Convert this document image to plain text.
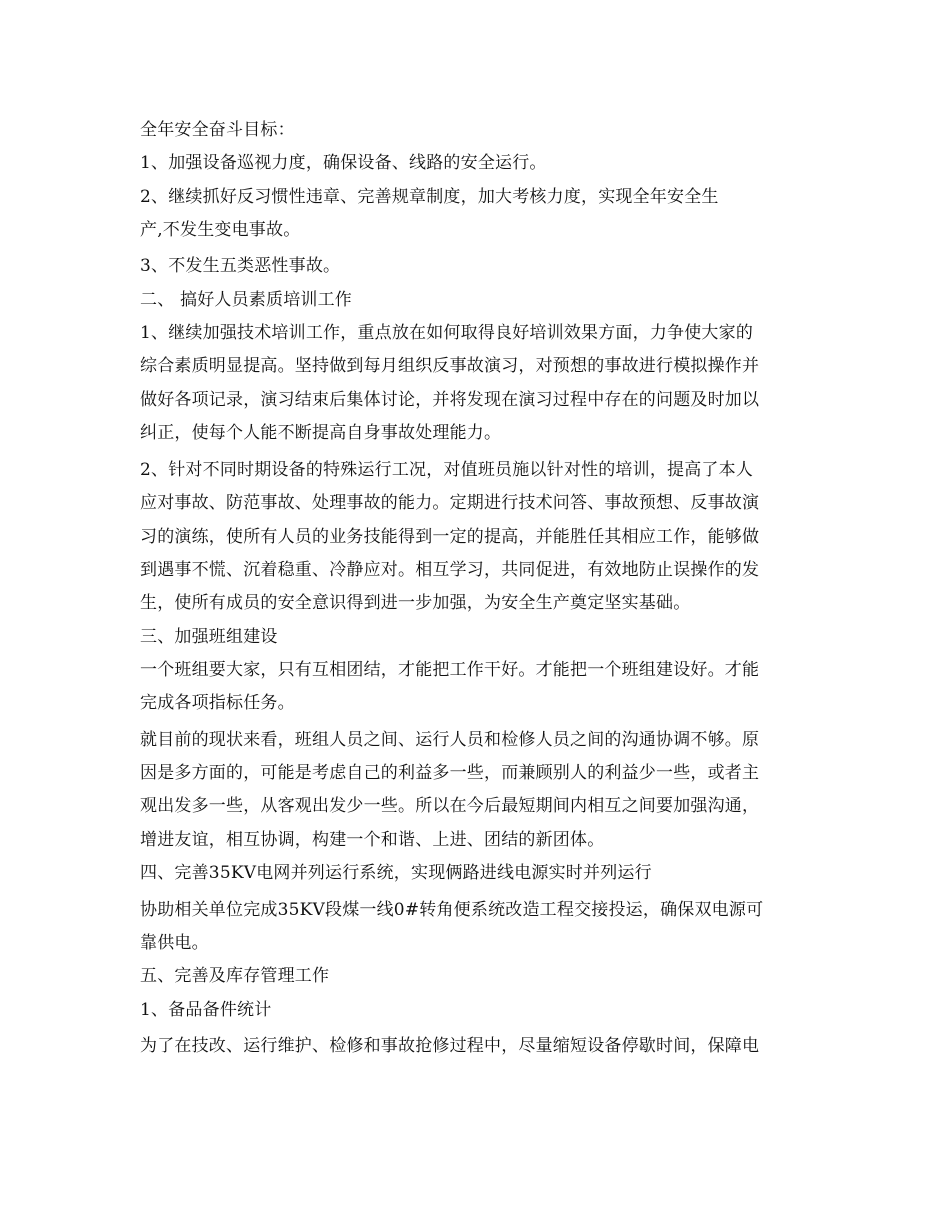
全年安全奋斗目标：

1、加强设备巡视力度，确保设备、线路的安全运行。

2、继续抓好反习惯性违章、完善规章制度，加大考核力度，实现全年安全生

产,不发生变电事故。

3、不发生五类恶性事故。

二、 搞好人员素质培训工作

1、继续加强技术培训工作，重点放在如何取得良好培训效果方面，力争使大家的

综合素质明显提高。坚持做到每月组织反事故演习，对预想的事故进行模拟操作并

做好各项记录，演习结束后集体讨论，并将发现在演习过程中存在的问题及时加以

纠正，使每个人能不断提高自身事故处理能力。

2、针对不同时期设备的特殊运行工况，对值班员施以针对性的培训，提高了本人

应对事故、防范事故、处理事故的能力。定期进行技术问答、事故预想、反事故演

习的演练，使所有人员的业务技能得到一定的提高，并能胜任其相应工作，能够做

到遇事不慌、沉着稳重、冷静应对。相互学习，共同促进，有效地防止误操作的发

生，使所有成员的安全意识得到进一步加强，为安全生产奠定坚实基础。

三、加强班组建设

一个班组要大家，只有互相团结，才能把工作干好。才能把一个班组建设好。才能

完成各项指标任务。

就目前的现状来看，班组人员之间、运行人员和检修人员之间的沟通协调不够。原

因是多方面的，可能是考虑自己的利益多一些，而兼顾别人的利益少一些，或者主

观出发多一些，从客观出发少一些。所以在今后最短期间内相互之间要加强沟通，

增进友谊，相互协调，构建一个和谐、上进、团结的新团体。

四、完善35KV电网并列运行系统，实现俩路进线电源实时并列运行

协助相关单位完成35KV段煤一线0#转角便系统改造工程交接投运，确保双电源可

靠供电。

五、完善及库存管理工作

1、备品备件统计

为了在技改、运行维护、检修和事故抢修过程中，尽量缩短设备停歇时间，保障电
